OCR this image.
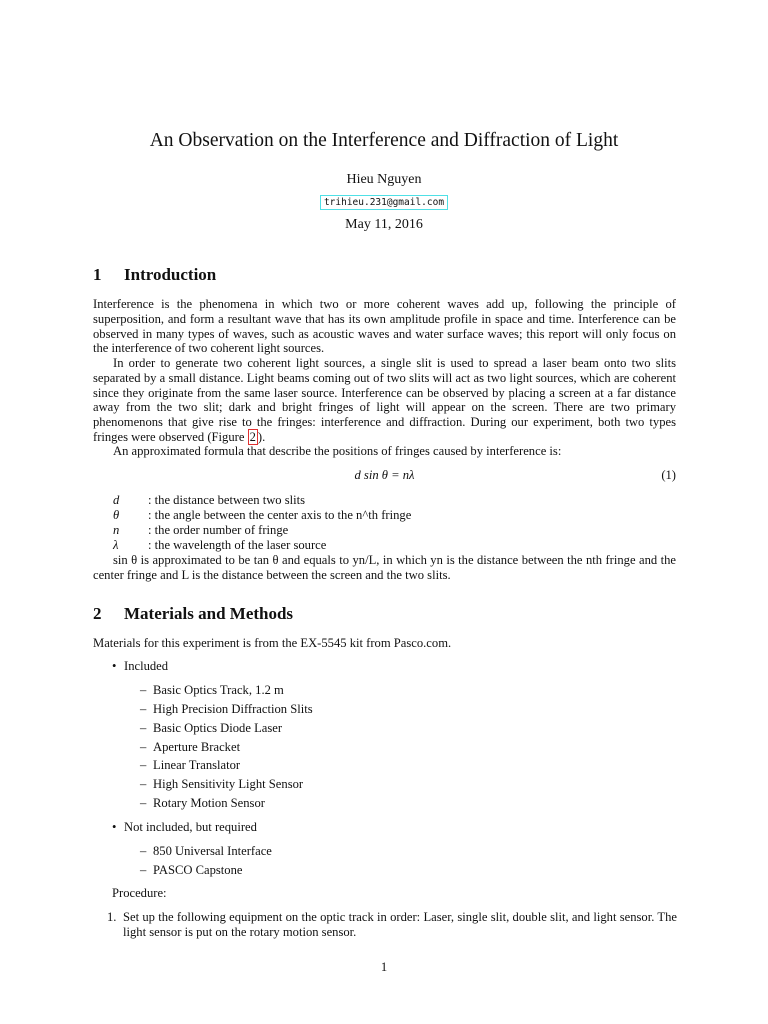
An Observation on the Interference and Diffraction of Light
Hieu Nguyen
trihieu.231@gmail.com
May 11, 2016
1 Introduction
Interference is the phenomena in which two or more coherent waves add up, following the principle of superposition, and form a resultant wave that has its own amplitude profile in space and time. Interference can be observed in many types of waves, such as acoustic waves and water surface waves; this report will only focus on the interference of two coherent light sources.
In order to generate two coherent light sources, a single slit is used to spread a laser beam onto two slits separated by a small distance. Light beams coming out of two slits will act as two light sources, which are coherent since they originate from the same laser source. Interference can be observed by placing a screen at a far distance away from the two slit; dark and bright fringes of light will appear on the screen. There are two primary phenomenons that give rise to the fringes: interference and diffraction. During our experiment, both two types fringes were observed (Figure 2 ).
An approximated formula that describe the positions of fringes caused by interference is:
d sin θ = nλ	(1)
d : the distance between two slits
θ : the angle between the center axis to the n^th fringe
n : the order number of fringe
λ : the wavelength of the laser source
sin θ is approximated to be tan θ and equals to yn/L, in which yn is the distance between the nth fringe and the center fringe and L is the distance between the screen and the two slits.
2 Materials and Methods
Materials for this experiment is from the EX-5545 kit from Pasco.com.
• Included
– Basic Optics Track, 1.2 m
– High Precision Diffraction Slits
– Basic Optics Diode Laser
– Aperture Bracket
– Linear Translator
– High Sensitivity Light Sensor
– Rotary Motion Sensor
• Not included, but required
– 850 Universal Interface
– PASCO Capstone
Procedure:
1. Set up the following equipment on the optic track in order: Laser, single slit, double slit, and light sensor. The light sensor is put on the rotary motion sensor.
1
